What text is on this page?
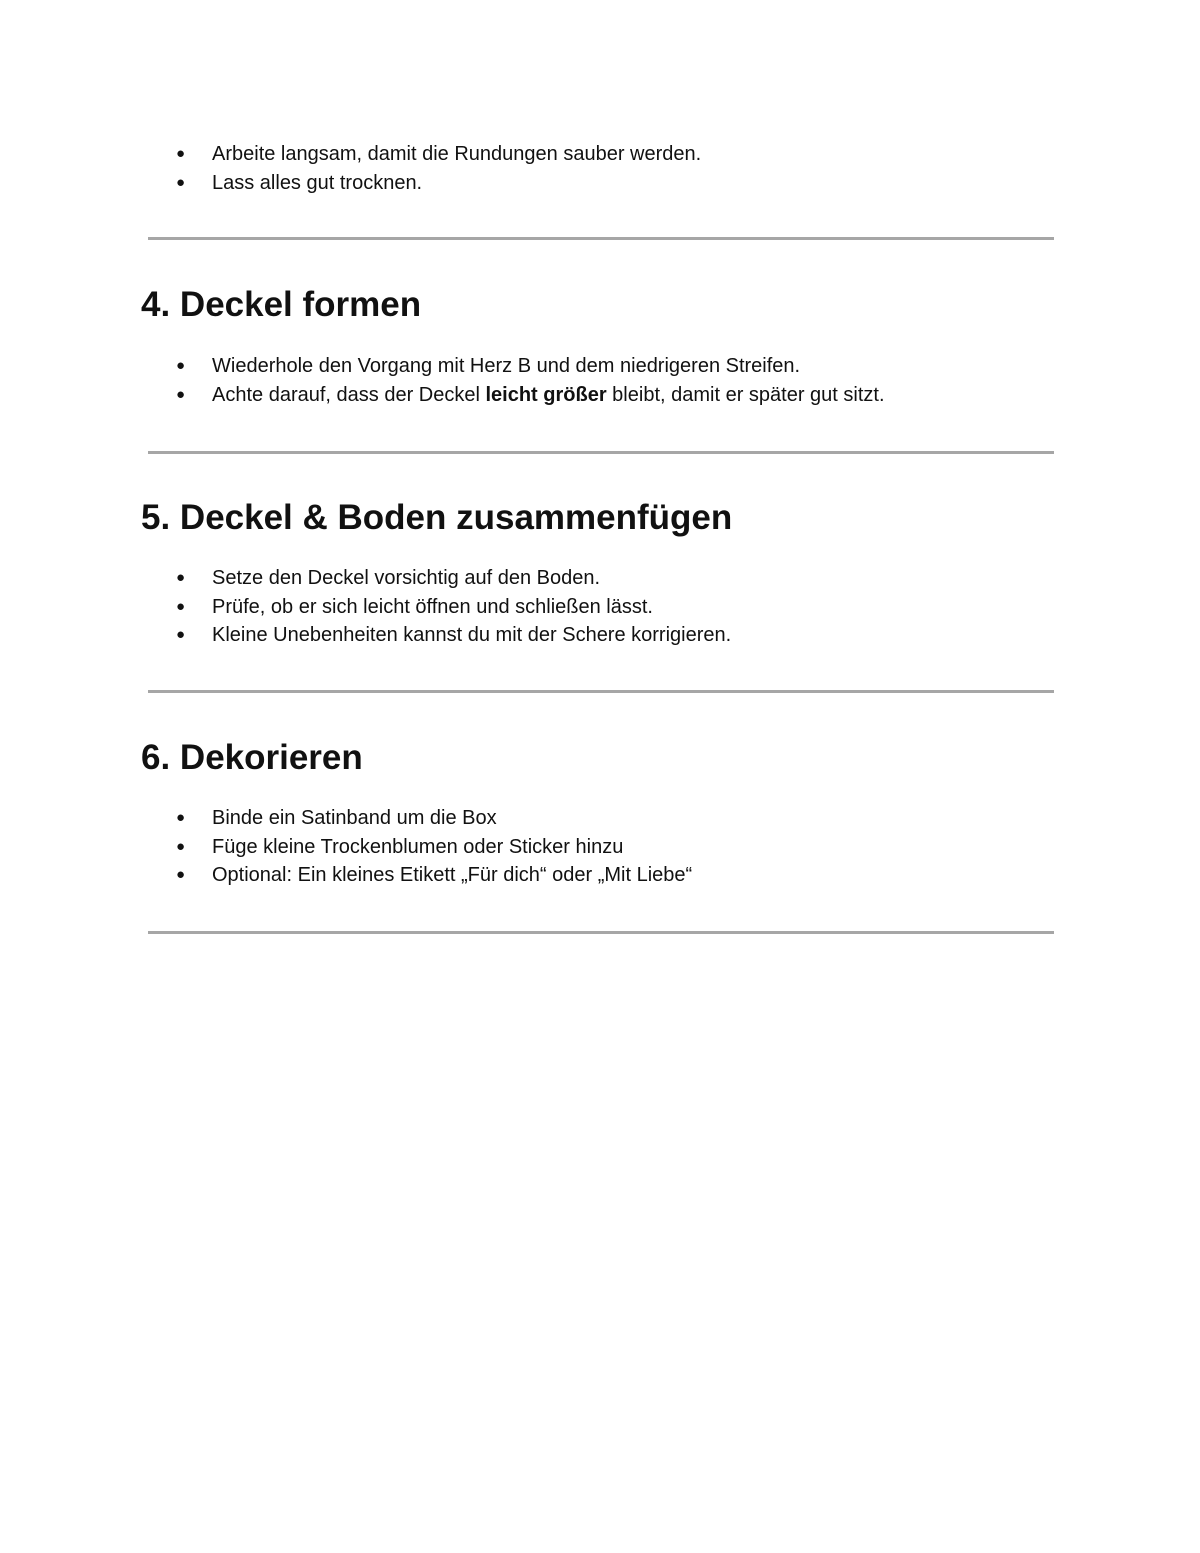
● Arbeite langsam, damit die Rundungen sauber werden.
● Lass alles gut trocknen.
4. Deckel formen
● Wiederhole den Vorgang mit Herz B und dem niedrigeren Streifen.
● Achte darauf, dass der Deckel leicht größer bleibt, damit er später gut sitzt.
5. Deckel & Boden zusammenfügen
● Setze den Deckel vorsichtig auf den Boden.
● Prüfe, ob er sich leicht öffnen und schließen lässt.
● Kleine Unebenheiten kannst du mit der Schere korrigieren.
6. Dekorieren
● Binde ein Satinband um die Box
● Füge kleine Trockenblumen oder Sticker hinzu
● Optional: Ein kleines Etikett „Für dich“ oder „Mit Liebe“
